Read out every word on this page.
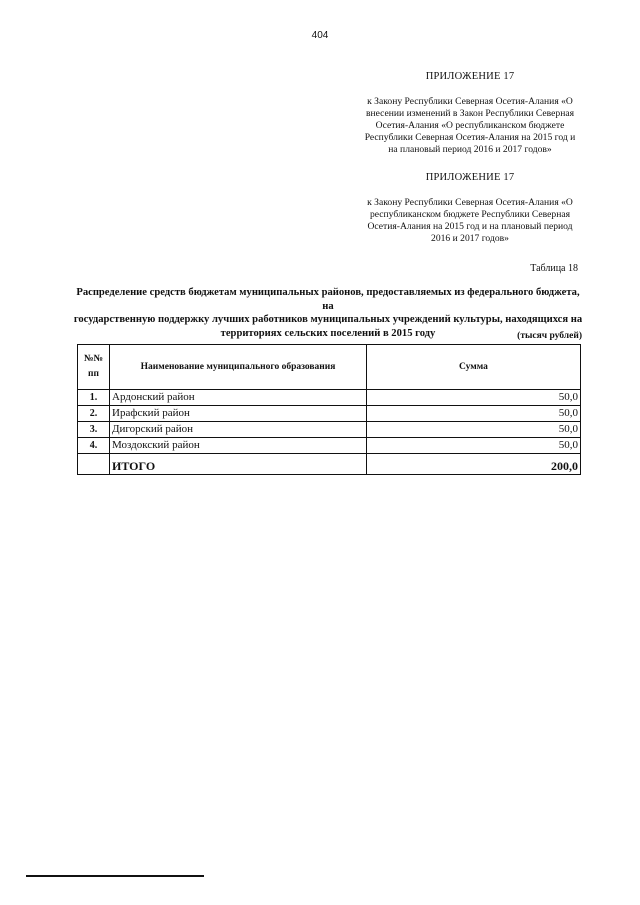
404
ПРИЛОЖЕНИЕ 17
к Закону Республики Северная Осетия-Алания «О
внесении изменений в Закон Республики Северная
Осетия-Алания «О республиканском бюджете
Республики Северная Осетия-Алания на 2015 год и
на плановый период 2016 и 2017 годов»
ПРИЛОЖЕНИЕ 17
к Закону Республики Северная Осетия-Алания «О
республиканском бюджете Республики Северная
Осетия-Алания на 2015 год и на плановый период
2016 и 2017 годов»
Таблица 18
Распределение средств бюджетам муниципальных районов, предоставляемых из федерального бюджета, на
государственную поддержку лучших работников муниципальных учреждений культуры, находящихся на
территориях сельских поселений в 2015 году	(тысяч рублей)
№№
пп	Наименование муниципального образования	Сумма
1.	Ардонский район	50,0
2.	Ирафский район	50,0
3.	Дигорский район	50,0
4.	Моздокский район	50,0
	ИТОГО	200,0
